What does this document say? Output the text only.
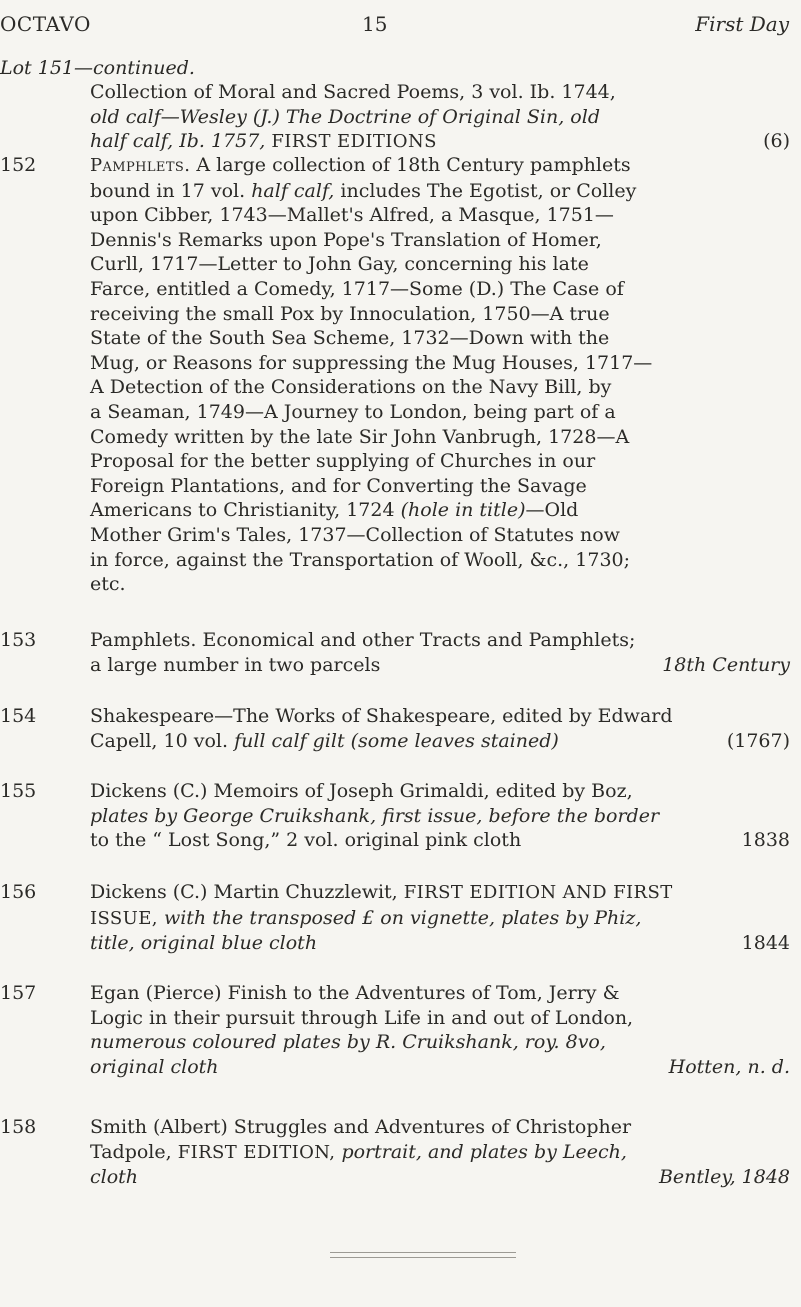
OCTAVO	15	First Day
Lot 151—continued.
Collection of Moral and Sacred Poems, 3 vol. Ib. 1744,
old calf—Wesley (J.) The Doctrine of Original Sin, old
half calf, Ib. 1757, FIRST EDITIONS	(6)
152	Pamphlets. A large collection of 18th Century pamphlets
bound in 17 vol. half calf, includes The Egotist, or Colley
upon Cibber, 1743—Mallet's Alfred, a Masque, 1751—
Dennis's Remarks upon Pope's Translation of Homer,
Curll, 1717—Letter to John Gay, concerning his late
Farce, entitled a Comedy, 1717—Some (D.) The Case of
receiving the small Pox by Innoculation, 1750—A true
State of the South Sea Scheme, 1732—Down with the
Mug, or Reasons for suppressing the Mug Houses, 1717—
A Detection of the Considerations on the Navy Bill, by
a Seaman, 1749—A Journey to London, being part of a
Comedy written by the late Sir John Vanbrugh, 1728—A
Proposal for the better supplying of Churches in our
Foreign Plantations, and for Converting the Savage
Americans to Christianity, 1724 (hole in title)—Old
Mother Grim's Tales, 1737—Collection of Statutes now
in force, against the Transportation of Wooll, &c., 1730;
etc.
153	Pamphlets. Economical and other Tracts and Pamphlets;
a large number in two parcels	18th Century
154	Shakespeare—The Works of Shakespeare, edited by Edward
Capell, 10 vol. full calf gilt (some leaves stained)	(1767)
155	Dickens (C.) Memoirs of Joseph Grimaldi, edited by Boz,
plates by George Cruikshank, first issue, before the border
to the “ Lost Song,” 2 vol. original pink cloth	1838
156	Dickens (C.) Martin Chuzzlewit, FIRST EDITION AND FIRST
ISSUE, with the transposed £ on vignette, plates by Phiz,
title, original blue cloth	1844
157	Egan (Pierce) Finish to the Adventures of Tom, Jerry &
Logic in their pursuit through Life in and out of London,
numerous coloured plates by R. Cruikshank, roy. 8vo,
original cloth	Hotten, n. d.
158	Smith (Albert) Struggles and Adventures of Christopher
Tadpole, FIRST EDITION, portrait, and plates by Leech,
cloth	Bentley, 1848
